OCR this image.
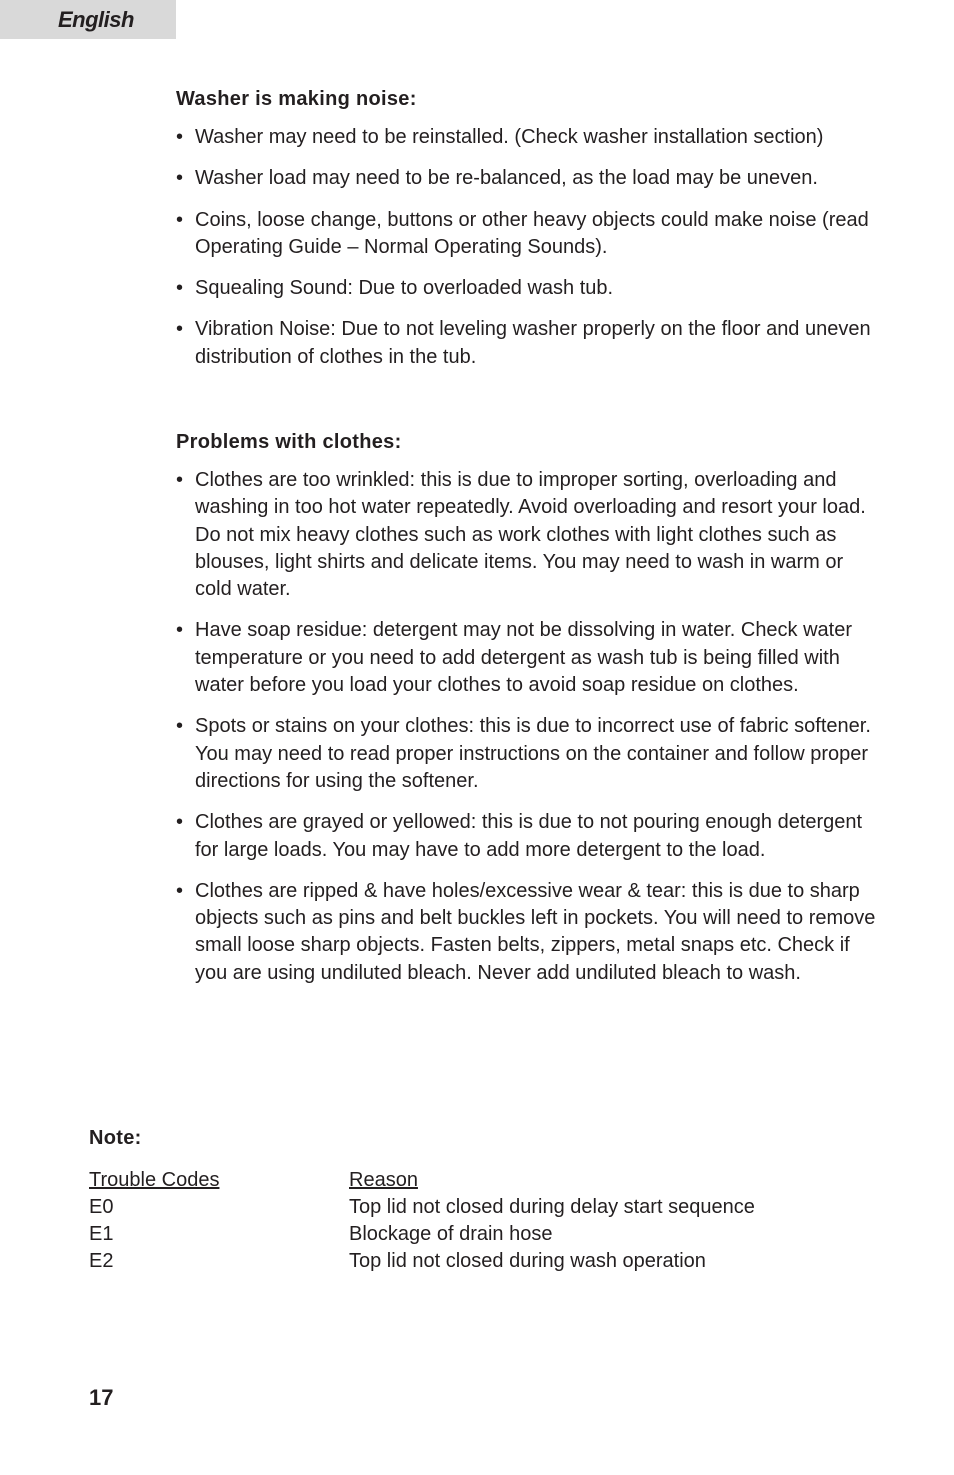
English
Washer is making noise:
• Washer may need to be reinstalled. (Check washer installation section)
• Washer load may need to be re-balanced, as the load may be uneven.
• Coins, loose change, buttons or other heavy objects could make noise (read Operating Guide – Normal Operating Sounds).
• Squealing Sound: Due to overloaded wash tub.
• Vibration Noise: Due to not leveling washer properly on the floor and uneven distribution of clothes in the tub.
Problems with clothes:
• Clothes are too wrinkled: this is due to improper sorting, overloading and washing in too hot water repeatedly. Avoid overloading and resort your load. Do not mix heavy clothes such as work clothes with light clothes such as blouses, light shirts and delicate items. You may need to wash in warm or cold water.
• Have soap residue: detergent may not be dissolving in water. Check water temperature or you need to add detergent as wash tub is being filled with water before you load your clothes to avoid soap residue on clothes.
• Spots or stains on your clothes: this is due to incorrect use of fabric softener. You may need to read proper instructions on the container and follow proper directions for using the softener.
• Clothes are grayed or yellowed: this is due to not pouring enough detergent for large loads. You may have to add more detergent to the load.
• Clothes are ripped & have holes/excessive wear & tear: this is due to sharp objects such as pins and belt buckles left in pockets. You will need to remove small loose sharp objects. Fasten belts, zippers, metal snaps etc. Check if you are using undiluted bleach. Never add undiluted bleach to wash.
Note:
Trouble Codes	Reason
E0	Top lid not closed during delay start sequence
E1	Blockage of drain hose
E2	Top lid not closed during wash operation
17
